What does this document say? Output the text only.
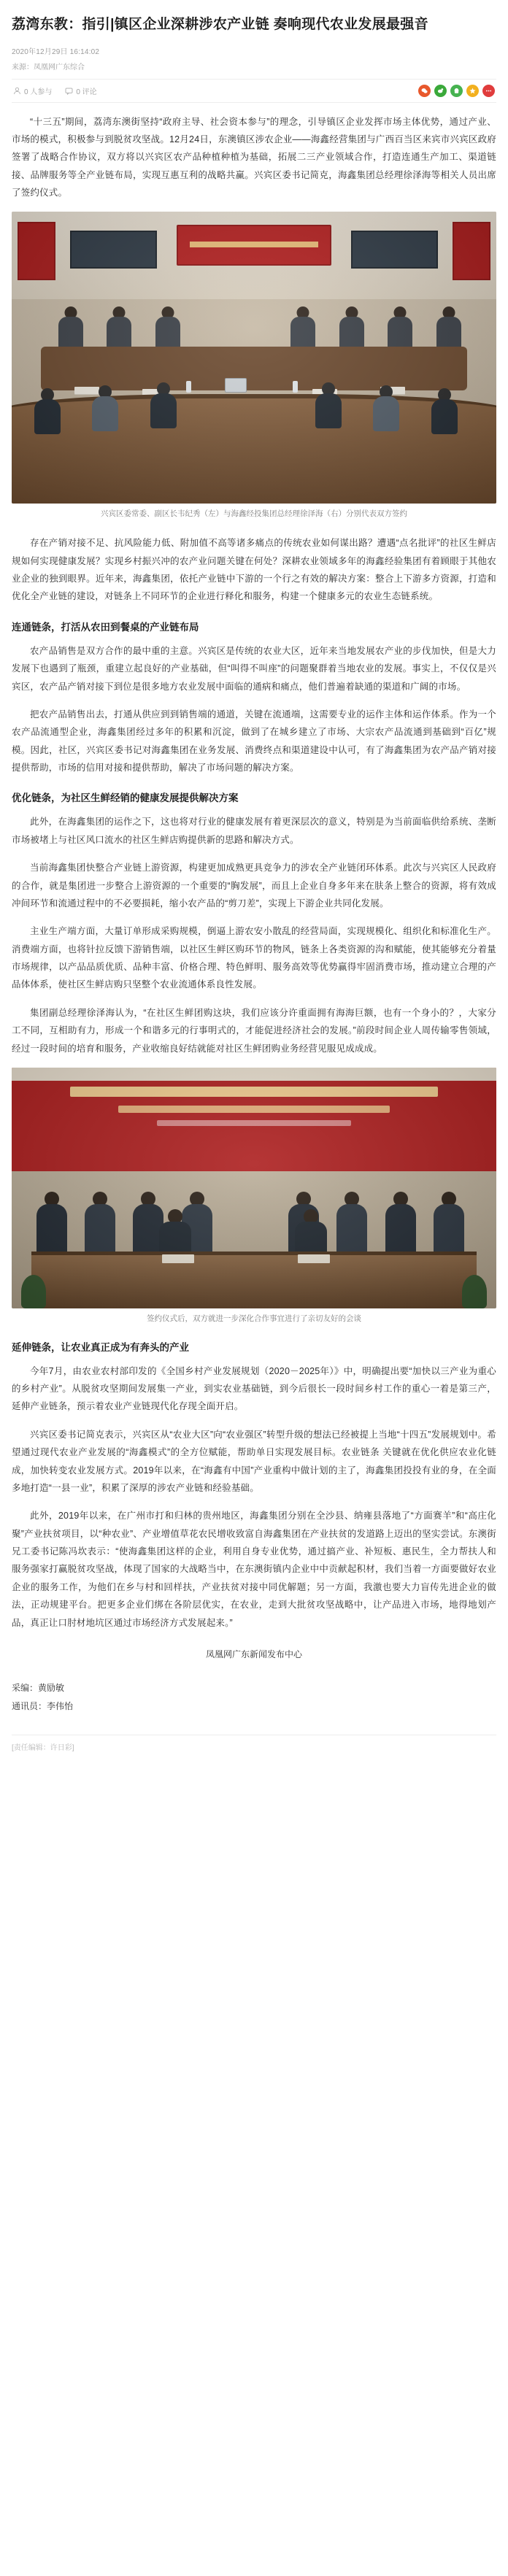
荔湾东教：指引|镇区企业深耕涉农产业链 奏响现代农业发展最强音
2020年12月29日 16:14:02
来源：凤凰网广东综合
0 人参与	0 评论

“十三五”期间，荔湾东澳街坚持“政府主导、社会资本参与”的理念，引导镇区企业发挥市场主体优势，通过产业、市场的模式，积极参与到脱贫攻坚战。12月24日，东澳镇区涉农企业——海鑫经营集团与广西百当区来宾市兴宾区政府签署了战略合作协议，双方将以兴宾区农产品种植种植为基础，拓展二三产业领域合作，打造连通生产加工、渠道链接、品牌服务等全产业链布局，实现互惠互利的战略共赢。兴宾区委书记简克，海鑫集团总经理徐泽海等相关人员出席了签约仪式。

兴宾区委常委、副区长韦纪秀（左）与海鑫经投集团总经理徐泽海（右）分别代表双方签约

存在产销对接不足、抗风险能力低、附加值不高等诸多痛点的传统农业如何谋出路？遭遇“点名批评”的社区生鲜店规如何实现健康发展？实现乡村振兴冲的农产业问题关键在何处？深耕农业领域多年的海鑫经验集团有着顾眼于其他农业企业的独到眼界。近年来，海鑫集团，依托产业链中下游的一个行之有效的解决方案：整合上下游多方资源，打造和优化全产业链的建设，对链条上不同环节的企业进行释化和服务，构建一个健康多元的农业生态链系统。

连通链条，打活从农田到餐桌的产业链布局

农产品销售是双方合作的最中重的主意。兴宾区是传统的农业大区，近年来当地发展农产业的步伐加快，但是大力发展下也遇到了瓶颈，重建立起良好的产业基础，但“叫得不叫座”的问题聚群着当地农业的发展。事实上，不仅仅是兴宾区，农产品产销对接下到位是很多地方农业发展中面临的通病和痛点，他们普遍着缺通的渠道和广阔的市场。

把农产品销售出去，打通从供应到到销售端的通道，关键在流通端，这需要专业的运作主体和运作体系。作为一个农产品流通型企业，海鑫集团经过多年的积累和沉淀，做到了在城乡建立了市场、大宗农产品流通到基础到“百亿”规模。因此，社区，兴宾区委书记对海鑫集团在业务发展、消费终点和渠道建设中认可，有了海鑫集团为农产品产销对接提供帮助，市场的信用对接和提供帮助，解决了市场问题的解决方案。

优化链条，为社区生鲜经销的健康发展提供解决方案

此外，在海鑫集团的运作之下，这也将对行业的健康发展有着更深层次的意义，特别是为当前面临供给系统、垄断市场被堵上与社区风口流水的社区生鲜店购提供新的思路和解决方式。

当前海鑫集团快整合产业链上游资源，构建更加成熟更具竞争力的涉农全产业链闭环体系。此次与兴宾区人民政府的合作，就是集团进一步整合上游资源的一个重要的“胸发展”，而且上企业自身多年来在肤条上整合的资源，将有效成冲间环节和流通过程中的不必要损耗，缩小农产品的“剪刀差”，实现上下游企业共同化发展。

主业生产端方面，大量订单形成采购规模，倒逼上游农安小散乱的经营局面，实现规模化、组织化和标准化生产。消费端方面，也将针拉反馈下游销售端，以社区生鲜区购环节的物风，链条上各类资源的沟和赋能，使其能够充分着量市场规律，以产品品质优质、品种丰富、价格合理、特色鲜明、服务高效等优势赢得牢固消费市场，推动建立合理的产品体体系，使社区生鲜店购只坚整个农业流通体系良性发展。

集团副总经理徐泽海认为，“在社区生鲜团购这块，我们应该分许重面拥有海海巨额，也有一个身小的？，大家分工不同，互相助有力，形成一个和谐多元的行事明式的，才能促进经济社会的发展。”前段时间企业人周传输零售领域，经过一段时间的培育和服务，产业收缩良好结就能对社区生鲜团购业务经营见服见成成成。

签约仪式后，双方就进一步深化合作事宜进行了亲切友好的会谈
延伸链条，让农业真正成为有奔头的产业

今年7月，由农业农村部印发的《全国乡村产业发展规划（2020－2025年）》中，明确提出要“加快以三产业为重心的乡村产业”。从脱贫攻坚期间发展集一产业，到实农业基础链，到今后很长一段时间乡村工作的重心一着是第三产，延伸产业链条，预示着农业产业链现代化存现全面开启。

兴宾区委书记简克表示，兴宾区从“农业大区”向“农业强区”转型升级的想法已经被提上当地“十四五”发展规划中。希望通过现代农业产业发展的“海鑫模式”的全方位赋能，帮助单日实现发展目标。农业链条 关键就在优化供应农业化链成，加快转变农业发展方式。2019年以来，在“海鑫有中国”产业重构中做计划的主了，海鑫集团投投有业的身，在全面多地打造“一县一业”，积累了深厚的涉农产业链和经验基础。

此外，2019年以来，在广州市打和归林的贵州地区，海鑫集团分别在全沙县、纳雍县落地了“方面赛羊”和“高庄化聚”产业扶贫项目，以“种农业”、产业增值草花农民增收致富自海鑫集团在产业扶贫的发道路上迈出的坚实尝试。东澳街兄工委书记陈冯坎表示：“使海鑫集团这样的企业，利用自身专业优势，通过搞产业、补短板、惠民生，全力帮扶人和服务强家打赢脱贫攻坚战，体现了国家的大战略当中，在东澳街镇内企业中中贡献起积材，我们当着一方面要做好农业企业的服务工作，为他们在乡与村和回样扶，产业扶贫对接中同优解题；另一方面，我激也要大力盲传先进企业的做法，正动规建平台。把更多企业们绑在各阶层优实，在农业，走到大批贫攻坚战略中，让产品进入市场，地得地划产品，真正让口肘材地坑区通过市场经济方式发展起来。”

凤凰网广东新闻发布中心

采编：黄励敏

通讯员：李伟怡

[责任编辑：许日彩]
